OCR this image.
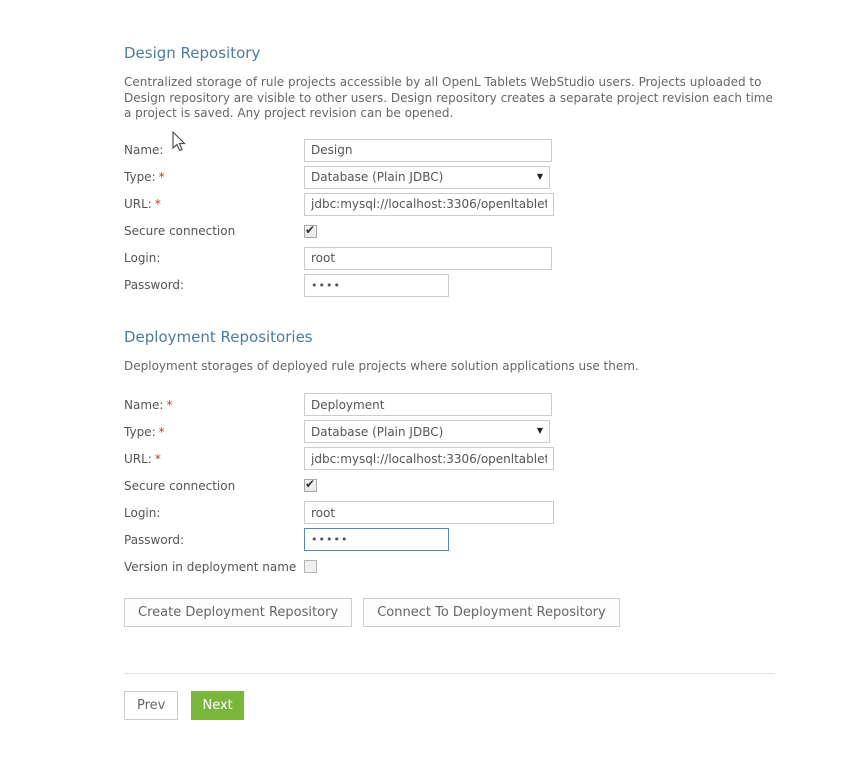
Design Repository

Centralized storage of rule projects accessible by all OpenL Tablets WebStudio users. Projects uploaded to Design repository are visible to other users. Design repository creates a separate project revision each time a project is saved. Any project revision can be opened.

Name:
Design
Type: *
Database (Plain JDBC)	▼
URL: *
jdbc:mysql://localhost:3306/openltablets
Secure connection	✔
Login:
root
Password:
••••
Deployment Repositories

Deployment storages of deployed rule projects where solution applications use them.

Name: *
Deployment
Type: *
Database (Plain JDBC)	▼
URL: *
jdbc:mysql://localhost:3306/openltablets
Secure connection	✔
Login:
root
Password:
•••••
Version in deployment name
Create Deployment Repository	Connect To Deployment Repository
Prev	Next
